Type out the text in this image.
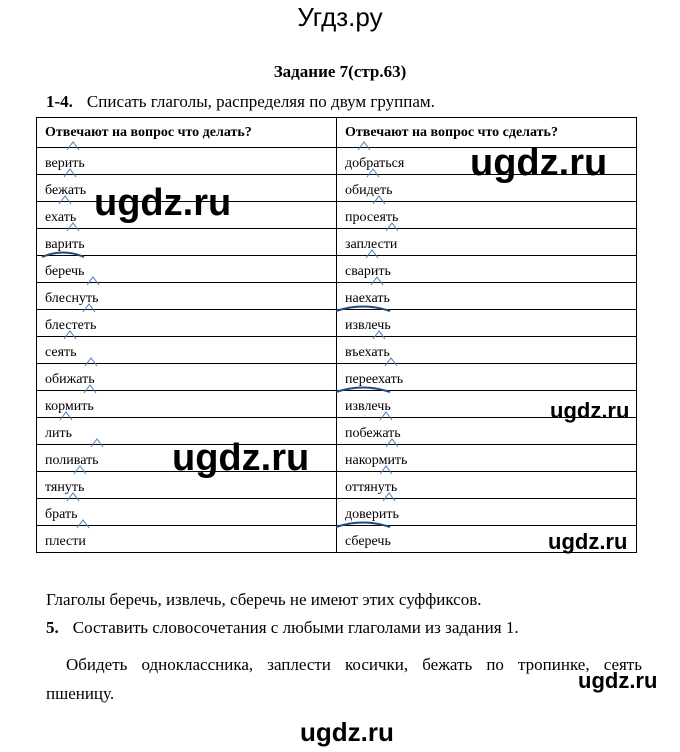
Угдз.ру
Задание 7(стр.63)
1-4. Списать глаголы, распределяя по двум группам.
Отвечают на вопрос что делать?	Отвечают на вопрос что сделать?
верить	добраться
бежать	обидеть
ехать	просеять
варить	заплести
беречь	сварить
блеснуть	наехать
блестеть	извлечь
сеять	въехать
обижать	переехать
кормить	извлечь
лить	побежать
поливать	накормить
тянуть	оттянуть
брать	доверить
плести	сберечь
ugdz.ru
ugdz.ru
ugdz.ru
ugdz.ru
ugdz.ru
ugdz.ru
ugdz.ru
Глаголы беречь, извлечь, сберечь не имеют этих суффиксов.
5. Составить словосочетания с любыми глаголами из задания 1.
Обидеть одноклассника, заплести косички, бежать по тропинке, сеять пшеницу.
